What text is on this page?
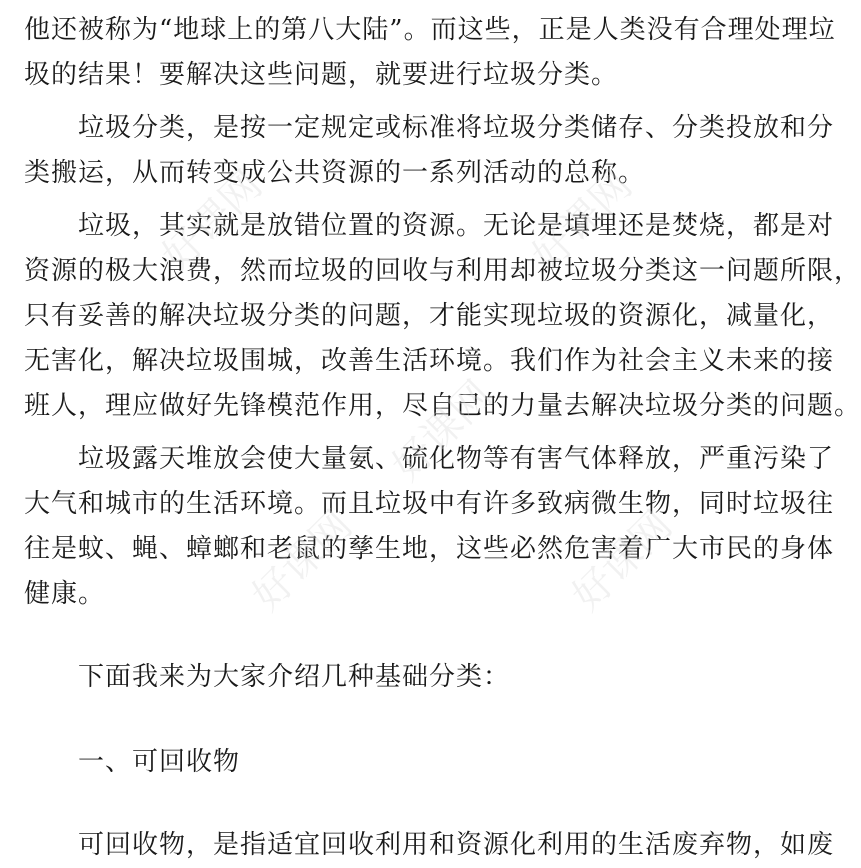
他还被称为“地球上的第八大陆”。而这些，正是人类没有合理处理垃
圾的结果！要解决这些问题，就要进行垃圾分类。
垃圾分类，是按一定规定或标准将垃圾分类储存、分类投放和分
类搬运，从而转变成公共资源的一系列活动的总称。
垃圾，其实就是放错位置的资源。无论是填埋还是焚烧，都是对
资源的极大浪费，然而垃圾的回收与利用却被垃圾分类这一问题所限，
只有妥善的解决垃圾分类的问题，才能实现垃圾的资源化，减量化，
无害化，解决垃圾围城，改善生活环境。我们作为社会主义未来的接
班人，理应做好先锋模范作用，尽自己的力量去解决垃圾分类的问题。
垃圾露天堆放会使大量氨、硫化物等有害气体释放，严重污染了
大气和城市的生活环境。而且垃圾中有许多致病微生物，同时垃圾往
往是蚊、蝇、蟑螂和老鼠的孳生地，这些必然危害着广大市民的身体
健康。
下面我来为大家介绍几种基础分类：
一、可回收物
可回收物，是指适宜回收利用和资源化利用的生活废弃物，如废
好课网	好课网
好课网	好课网
好课网
